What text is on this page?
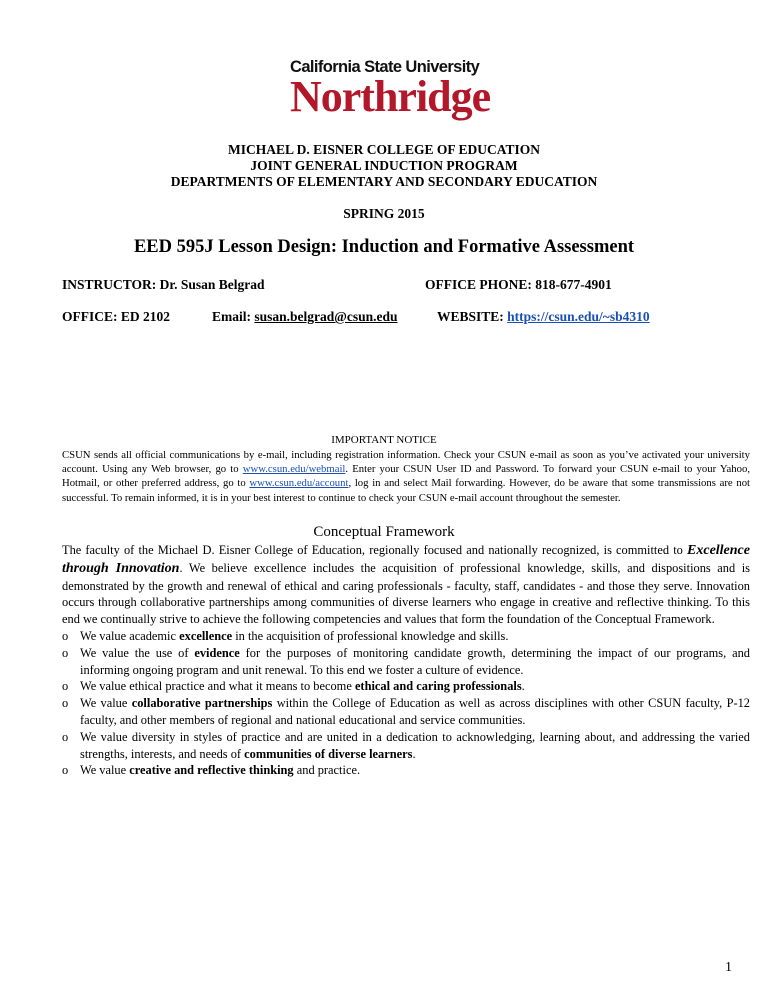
California State University
Northridge
MICHAEL D. EISNER COLLEGE OF EDUCATION
JOINT GENERAL INDUCTION PROGRAM
DEPARTMENTS OF ELEMENTARY AND SECONDARY EDUCATION
SPRING 2015
EED 595J Lesson Design: Induction and Formative Assessment
INSTRUCTOR: Dr. Susan Belgrad	OFFICE PHONE: 818-677-4901
OFFICE: ED 2102	Email: susan.belgrad@csun.edu	WEBSITE: https://csun.edu/~sb4310
IMPORTANT NOTICE
CSUN sends all official communications by e-mail, including registration information. Check your CSUN e-mail as soon as you’ve activated your university account. Using any Web browser, go to www.csun.edu/webmail. Enter your CSUN User ID and Password. To forward your CSUN e-mail to your Yahoo, Hotmail, or other preferred address, go to www.csun.edu/account, log in and select Mail forwarding. However, do be aware that some transmissions are not successful. To remain informed, it is in your best interest to continue to check your CSUN e-mail account throughout the semester.
Conceptual Framework

The faculty of the Michael D. Eisner College of Education, regionally focused and nationally recognized, is committed to Excellence through Innovation. We believe excellence includes the acquisition of professional knowledge, skills, and dispositions and is demonstrated by the growth and renewal of ethical and caring professionals - faculty, staff, candidates - and those they serve. Innovation occurs through collaborative partnerships among communities of diverse learners who engage in creative and reflective thinking. To this end we continually strive to achieve the following competencies and values that form the foundation of the Conceptual Framework.

o We value academic excellence in the acquisition of professional knowledge and skills.
o We value the use of evidence for the purposes of monitoring candidate growth, determining the impact of our programs, and informing ongoing program and unit renewal. To this end we foster a culture of evidence.
o We value ethical practice and what it means to become ethical and caring professionals.
o We value collaborative partnerships within the College of Education as well as across disciplines with other CSUN faculty, P-12 faculty, and other members of regional and national educational and service communities.
o We value diversity in styles of practice and are united in a dedication to acknowledging, learning about, and addressing the varied strengths, interests, and needs of communities of diverse learners.
o We value creative and reflective thinking and practice.
1
